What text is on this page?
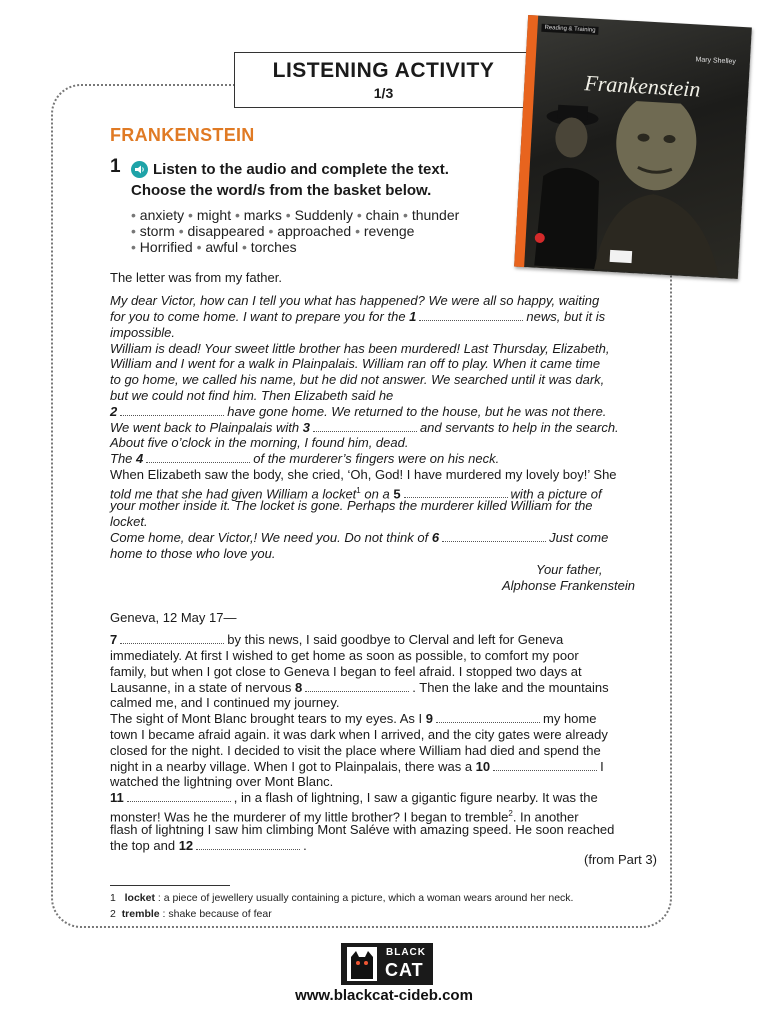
LISTENING ACTIVITY
1/3
Reading & Training
Mary Shelley
Frankenstein
FRANKENSTEIN
1	Listen to the audio and complete the text.
Choose the word/s from the basket below.
• anxiety • might • marks • Suddenly • chain • thunder
• storm • disappeared • approached • revenge
• Horrified • awful • torches
The letter was from my father.
My dear Victor, how can I tell you what has happened? We were all so happy, waiting
for you to come home. I want to prepare you for the 1	news, but it is
impossible.
William is dead! Your sweet little brother has been murdered! Last Thursday, Elizabeth,
William and I went for a walk in Plainpalais. William ran off to play. When it came time
to go home, we called his name, but he did not answer. We searched until it was dark,
but we could not find him. Then Elizabeth said he
2	have gone home. We returned to the house, but he was not there.
We went back to Plainpalais with 3	and servants to help in the search.
About five o’clock in the morning, I found him, dead.
The 4	of the murderer’s fingers were on his neck.
When Elizabeth saw the body, she cried, ‘Oh, God! I have murdered my lovely boy!’ She
told me that she had given William a locket$^1$ on a 5	with a picture of
your mother inside it. The locket is gone. Perhaps the murderer killed William for the
locket.
Come home, dear Victor,! We need you. Do not think of 6	Just come
home to those who love you.
Your father,
Alphonse Frankenstein
Geneva, 12 May 17—
7	by this news, I said goodbye to Clerval and left for Geneva
immediately. At first I wished to get home as soon as possible, to comfort my poor
family, but when I got close to Geneva I began to feel afraid. I stopped two days at
Lausanne, in a state of nervous 8	. Then the lake and the mountains
calmed me, and I continued my journey.
The sight of Mont Blanc brought tears to my eyes. As I 9	my home
town I became afraid again. it was dark when I arrived, and the city gates were already
closed for the night. I decided to visit the place where William had died and spend the
night in a nearby village. When I got to Plainpalais, there was a 10	I
watched the lightning over Mont Blanc.
11	, in a flash of lightning, I saw a gigantic figure nearby. It was the
monster! Was he the murderer of my little brother? I began to tremble$^2$. In another
flash of lightning I saw him climbing Mont Saléve with amazing speed. He soon reached
the top and 12	.
(from Part 3)
1 locket : a piece of jewellery usually containing a picture, which a woman wears around her neck.
2 tremble : shake because of fear
BLACK
CAT
www.blackcat-cideb.com
